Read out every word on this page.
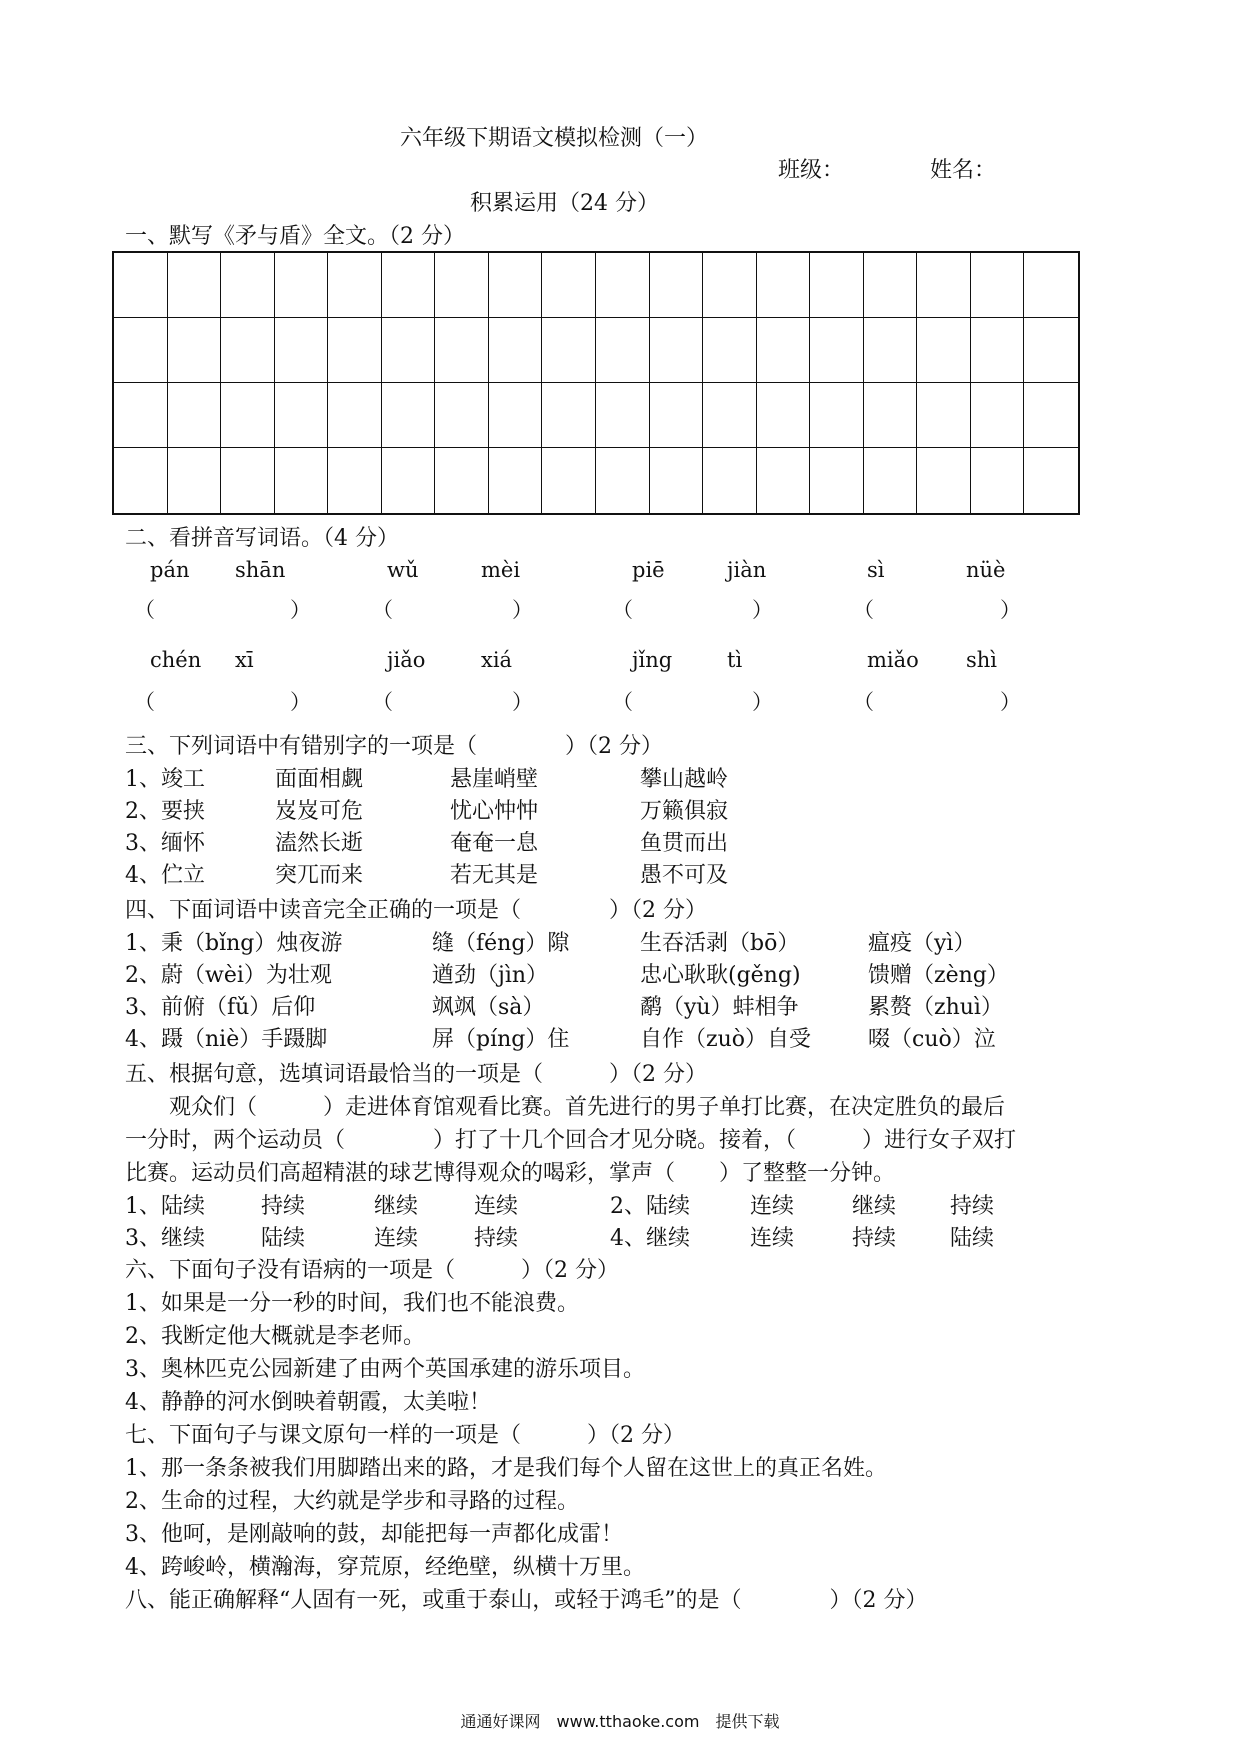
六年级下期语文模拟检测（一）
班级：	姓名：
积累运用（24 分）
一、默写《矛与盾》全文。（2 分）
二、看拼音写词语。（4 分）
pán shān	wǔ	mèi	piē	jiàn	sì	nüè
（	）	（	）	（	）	（	）
chén xī	jiǎo	xiá	jǐng	tì	miǎo shì
（	）	（	）	（	）	（	）
三、下列词语中有错别字的一项是（　　　　）（2 分）
1、竣工	面面相觑	悬崖峭壁	攀山越岭
2、要挟	岌岌可危	忧心忡忡	万籁俱寂
3、缅怀	溘然长逝	奄奄一息	鱼贯而出
4、伫立	突兀而来	若无其是	愚不可及
四、下面词语中读音完全正确的一项是（　　　　）（2 分）
1、秉（bǐng）烛夜游	缝（féng）隙	生吞活剥（bō）	瘟疫（yì）
2、蔚（wèi）为壮观	遒劲（jìn）	忠心耿耿(gěng)	馈赠（zèng）
3、前俯（fǔ）后仰	飒飒（sà）	鹬（yù）蚌相争	累赘（zhuì）
4、蹑（niè）手蹑脚	屏（píng）住	自作（zuò）自受	啜（cuò）泣
五、根据句意，选填词语最恰当的一项是（　　　）（2 分）
　　观众们（　　　）走进体育馆观看比赛。首先进行的男子单打比赛，在决定胜负的最后
一分时，两个运动员（　　　　）打了十几个回合才见分晓。接着，（　　　）进行女子双打
比赛。运动员们高超精湛的球艺博得观众的喝彩，掌声（　　）了整整一分钟。
1、陆续	持续	继续	连续	2、陆续	连续	继续 持续
3、继续	陆续	连续	持续	4、继续	连续	持续 陆续
六、下面句子没有语病的一项是（　　　）（2 分）
1、如果是一分一秒的时间，我们也不能浪费。
2、我断定他大概就是李老师。
3、奥林匹克公园新建了由两个英国承建的游乐项目。
4、静静的河水倒映着朝霞，太美啦！
七、下面句子与课文原句一样的一项是（　　　）（2 分）
1、那一条条被我们用脚踏出来的路，才是我们每个人留在这世上的真正名姓。
2、生命的过程，大约就是学步和寻路的过程。
3、他呵，是刚敲响的鼓，却能把每一声都化成雷！
4、跨峻岭，横瀚海，穿荒原，经绝壁，纵横十万里。
八、能正确解释“人固有一死，或重于泰山，或轻于鸿毛”的是（　　　　）（2 分）
通通好课网　www.tthaoke.com　提供下载
